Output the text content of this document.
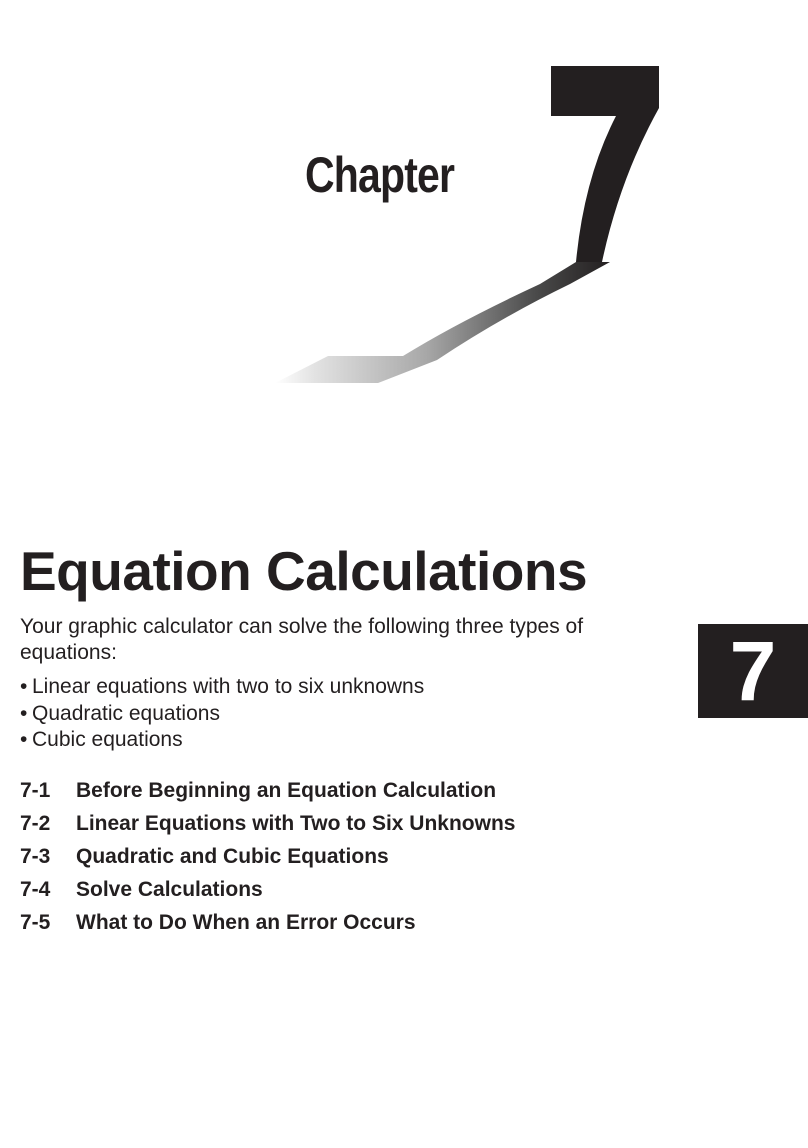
Chapter
7
Equation Calculations
Your graphic calculator can solve the following three types of equations:
• Linear equations with two to six unknowns
• Quadratic equations
• Cubic equations
7-1 Before Beginning an Equation Calculation
7-2 Linear Equations with Two to Six Unknowns
7-3 Quadratic and Cubic Equations
7-4 Solve Calculations
7-5 What to Do When an Error Occurs
